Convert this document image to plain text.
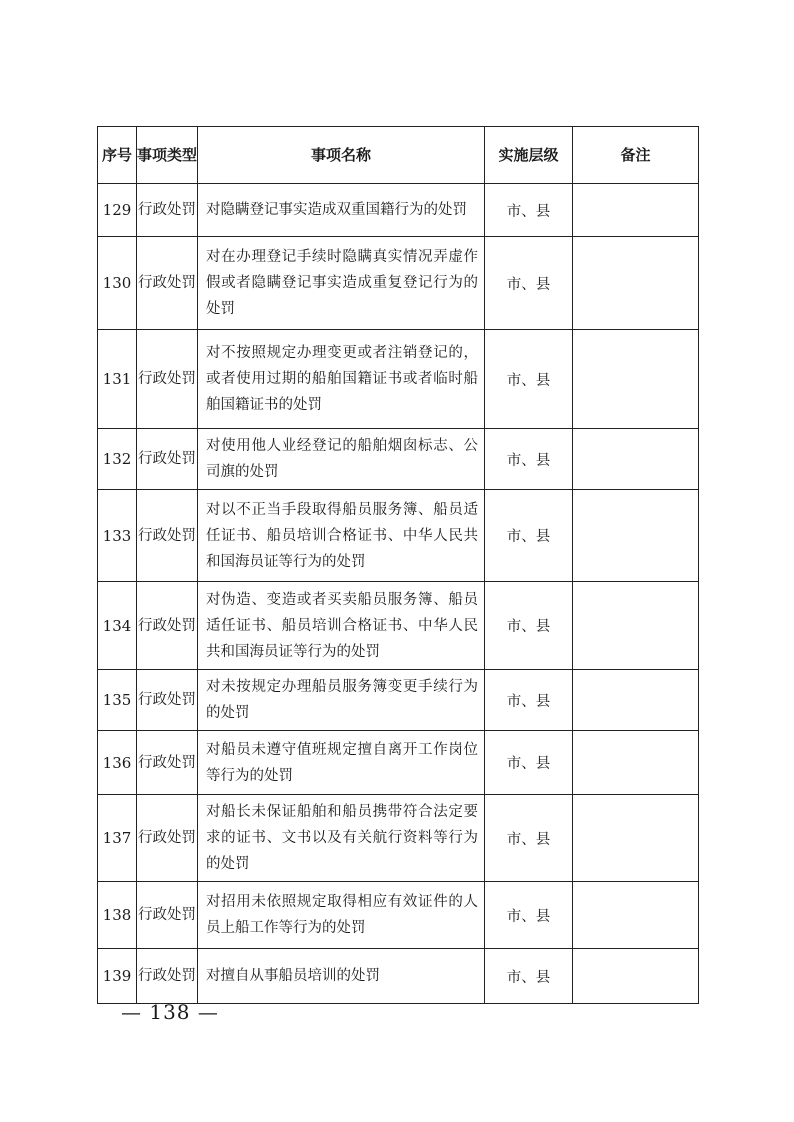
序号	事项类型	事项名称	实施层级	备注
129	行政处罚	对隐瞒登记事实造成双重国籍行为的处罚	市、县	
130	行政处罚	对在办理登记手续时隐瞒真实情况弄虚作假或者隐瞒登记事实造成重复登记行为的处罚	市、县	
131	行政处罚	对不按照规定办理变更或者注销登记的，或者使用过期的船舶国籍证书或者临时船舶国籍证书的处罚	市、县	
132	行政处罚	对使用他人业经登记的船舶烟囱标志、公司旗的处罚	市、县	
133	行政处罚	对以不正当手段取得船员服务簿、船员适任证书、船员培训合格证书、中华人民共和国海员证等行为的处罚	市、县	
134	行政处罚	对伪造、变造或者买卖船员服务簿、船员适任证书、船员培训合格证书、中华人民共和国海员证等行为的处罚	市、县	
135	行政处罚	对未按规定办理船员服务簿变更手续行为的处罚	市、县	
136	行政处罚	对船员未遵守值班规定擅自离开工作岗位等行为的处罚	市、县	
137	行政处罚	对船长未保证船舶和船员携带符合法定要求的证书、文书以及有关航行资料等行为的处罚	市、县	
138	行政处罚	对招用未依照规定取得相应有效证件的人员上船工作等行为的处罚	市、县	
139	行政处罚	对擅自从事船员培训的处罚	市、县	
— 138 —
